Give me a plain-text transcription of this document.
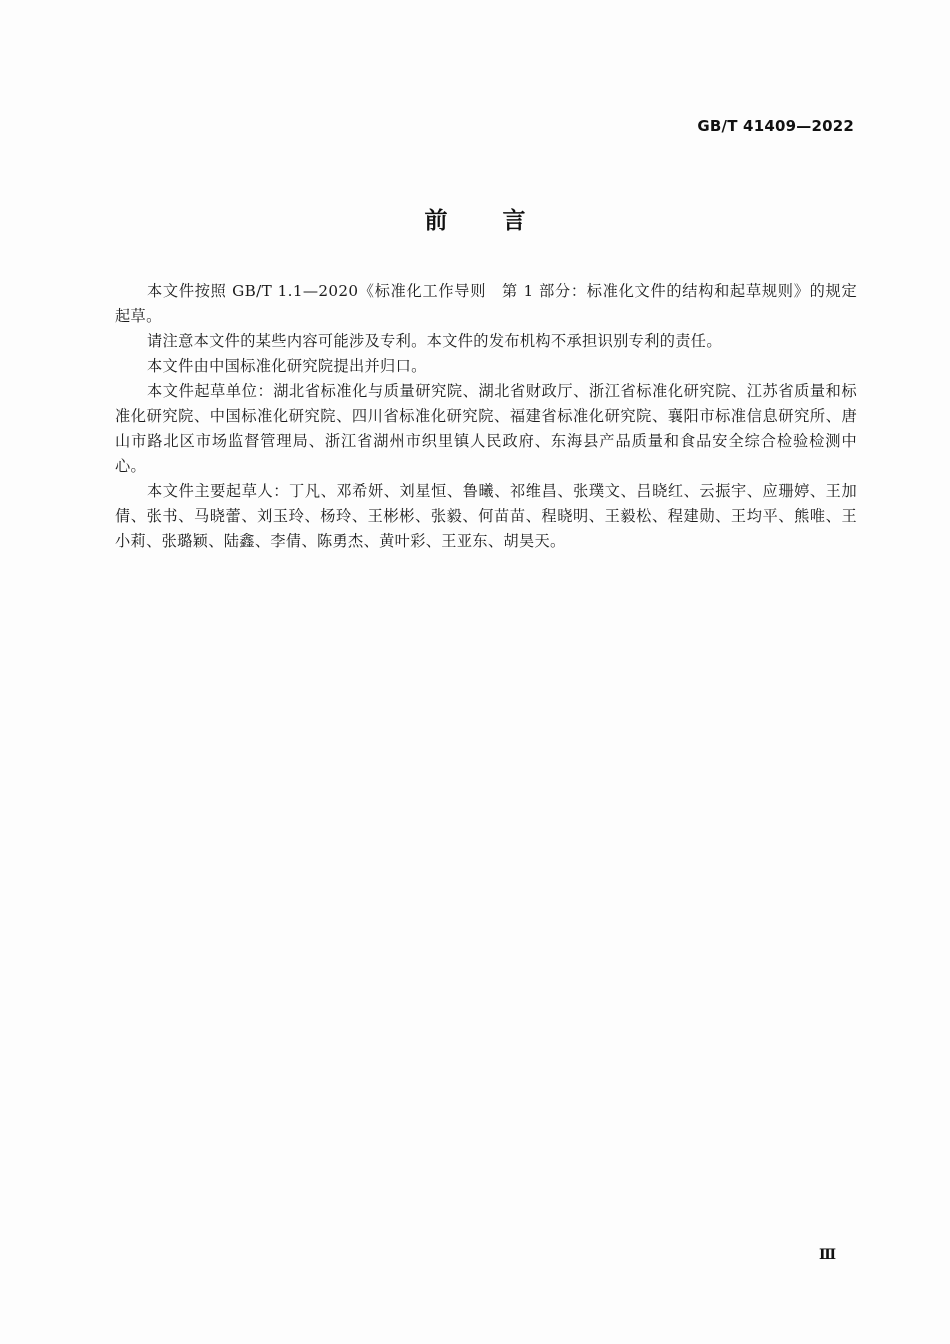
GB/T 41409—2022
前 言

本文件按照 GB/T 1.1—2020《标准化工作导则　第 1 部分：标准化文件的结构和起草规则》的规定起草。

请注意本文件的某些内容可能涉及专利。本文件的发布机构不承担识别专利的责任。

本文件由中国标准化研究院提出并归口。

本文件起草单位：湖北省标准化与质量研究院、湖北省财政厅、浙江省标准化研究院、江苏省质量和标准化研究院、中国标准化研究院、四川省标准化研究院、福建省标准化研究院、襄阳市标准信息研究所、唐山市路北区市场监督管理局、浙江省湖州市织里镇人民政府、东海县产品质量和食品安全综合检验检测中心。

本文件主要起草人：丁凡、邓希妍、刘星恒、鲁曦、祁维昌、张璞文、吕晓红、云振宇、应珊婷、王加倩、张书、马晓蕾、刘玉玲、杨玲、王彬彬、张毅、何苗苗、程晓明、王毅松、程建勋、王均平、熊唯、王小莉、张璐颖、陆鑫、李倩、陈勇杰、黄叶彩、王亚东、胡昊天。

Ⅲ
